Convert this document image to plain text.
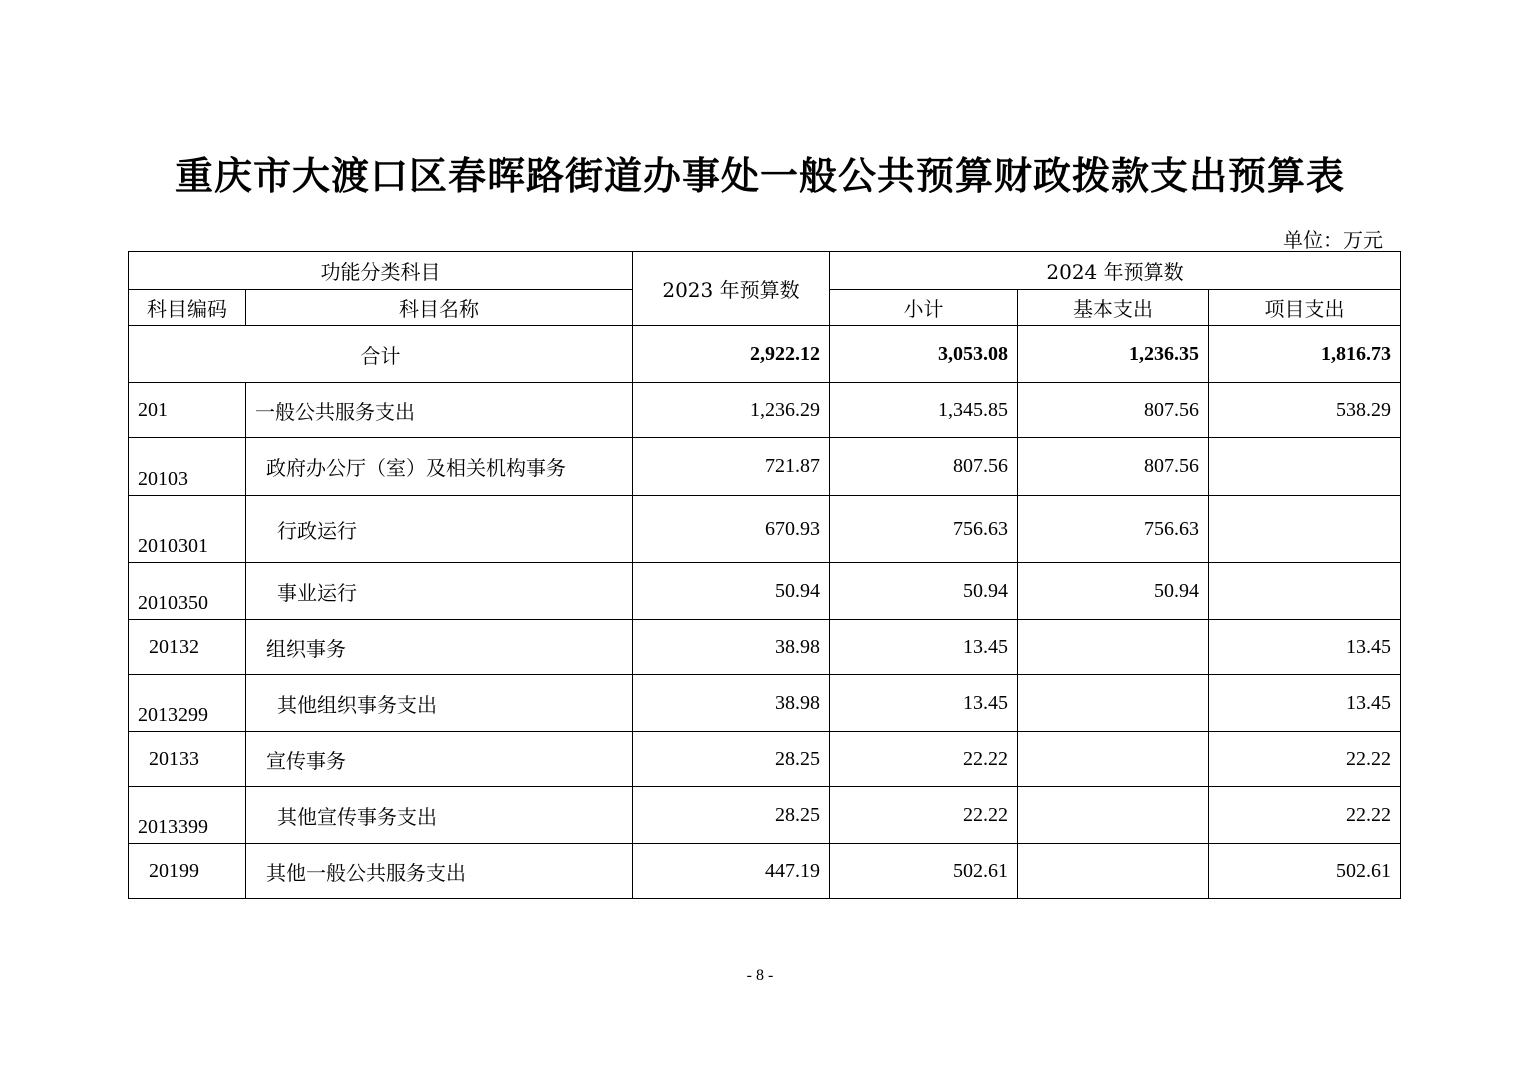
重庆市大渡口区春晖路街道办事处一般公共预算财政拨款支出预算表
单位：万元
功能分类科目		2023 年预算数	2024 年预算数		
科目编码	科目名称		小计	基本支出	项目支出
合计		2,922.12	3,053.08	1,236.35	1,816.73
201	一般公共服务支出	1,236.29	1,345.85	807.56	538.29
20103	政府办公厅（室）及相关机构事务	721.87	807.56	807.56	
2010301	行政运行	670.93	756.63	756.63	
2010350	事业运行	50.94	50.94	50.94	
20132	组织事务	38.98	13.45		13.45
2013299	其他组织事务支出	38.98	13.45		13.45
20133	宣传事务	28.25	22.22		22.22
2013399	其他宣传事务支出	28.25	22.22		22.22
20199	其他一般公共服务支出	447.19	502.61		502.61
- 8 -
